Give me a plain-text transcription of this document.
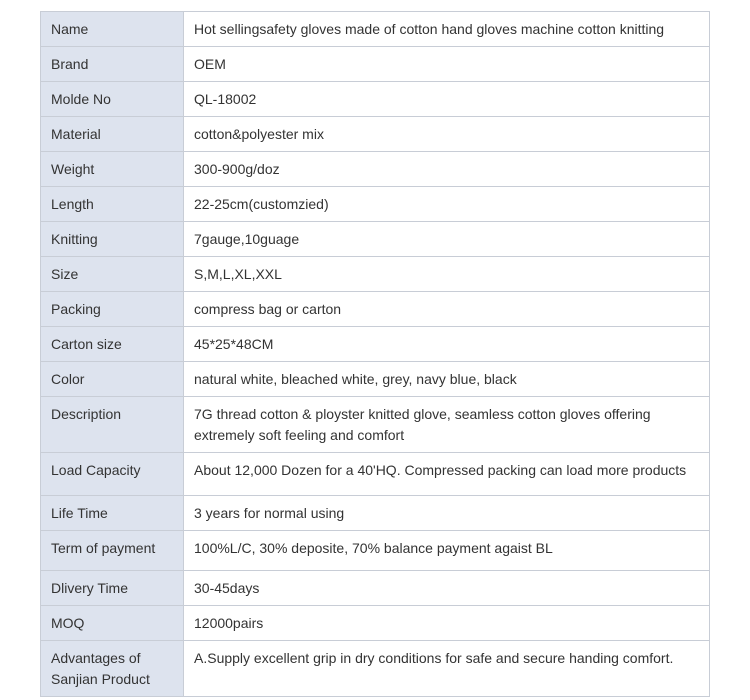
Name	Hot sellingsafety gloves made of cotton hand gloves machine cotton knitting
Brand	OEM
Molde No	QL-18002
Material	cotton&polyester mix
Weight	300-900g/doz
Length	22-25cm(customzied)
Knitting	7gauge,10guage
Size	S,M,L,XL,XXL
Packing	compress bag or carton
Carton size	45*25*48CM
Color	natural white, bleached white, grey, navy blue, black
Description	7G thread cotton & ployster knitted glove, seamless cotton gloves offering extremely soft feeling and comfort
Load Capacity	About 12,000 Dozen for a 40'HQ. Compressed packing can load more products
Life Time	3 years for normal using
Term of payment	100%L/C, 30% deposite, 70% balance payment agaist BL
Dlivery Time	30-45days
MOQ	12000pairs
Advantages of Sanjian Product	A.Supply excellent grip in dry conditions for safe and secure handing comfort.
